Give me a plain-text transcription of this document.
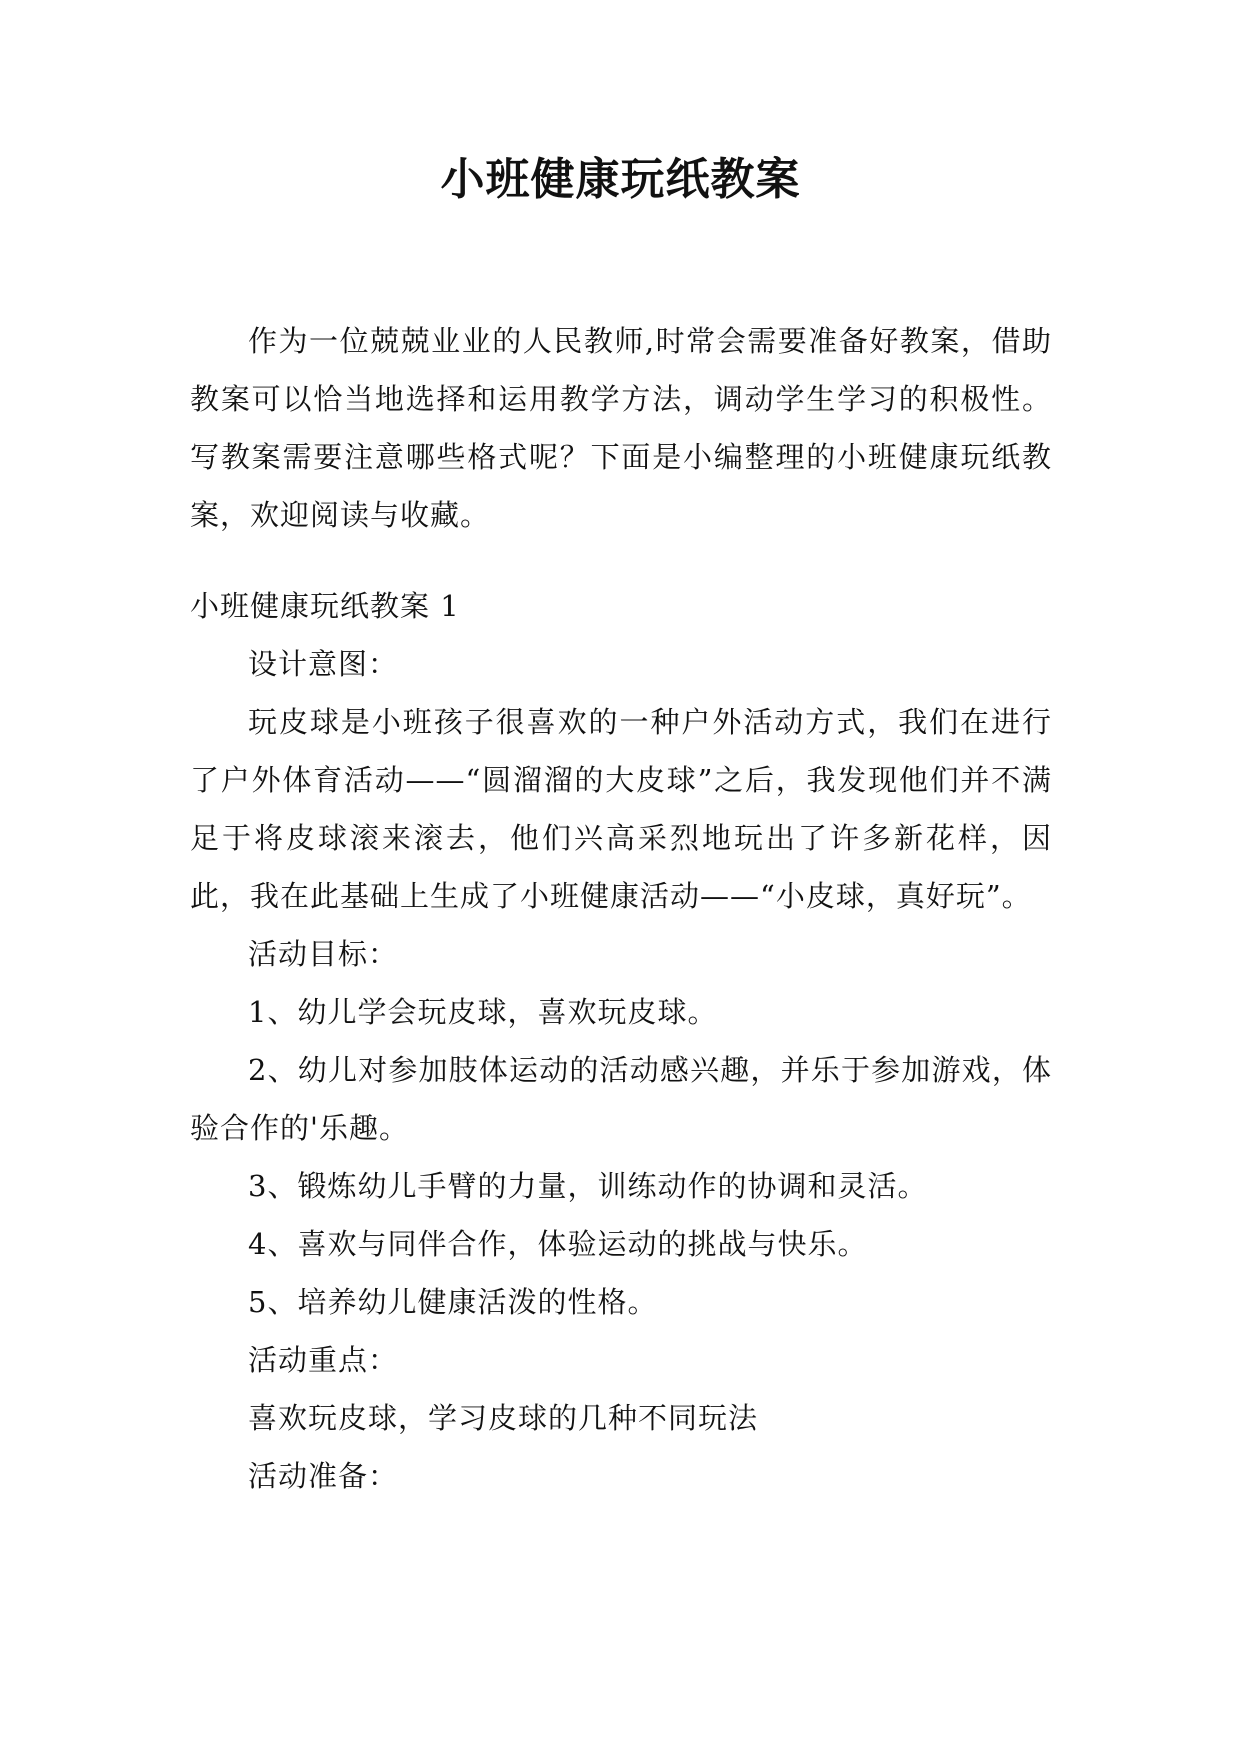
小班健康玩纸教案

作为一位兢兢业业的人民教师,时常会需要准备好教案，借助教案可以恰当地选择和运用教学方法，调动学生学习的积极性。写教案需要注意哪些格式呢？下面是小编整理的小班健康玩纸教案，欢迎阅读与收藏。

小班健康玩纸教案 1

设计意图：

玩皮球是小班孩子很喜欢的一种户外活动方式，我们在进行了户外体育活动——“圆溜溜的大皮球”之后，我发现他们并不满足于将皮球滚来滚去，他们兴高采烈地玩出了许多新花样，因此，我在此基础上生成了小班健康活动——“小皮球，真好玩”。

活动目标：

1、幼儿学会玩皮球，喜欢玩皮球。

2、幼儿对参加肢体运动的活动感兴趣，并乐于参加游戏，体验合作的'乐趣。

3、锻炼幼儿手臂的力量，训练动作的协调和灵活。

4、喜欢与同伴合作，体验运动的挑战与快乐。

5、培养幼儿健康活泼的性格。

活动重点：

喜欢玩皮球，学习皮球的几种不同玩法

活动准备：
